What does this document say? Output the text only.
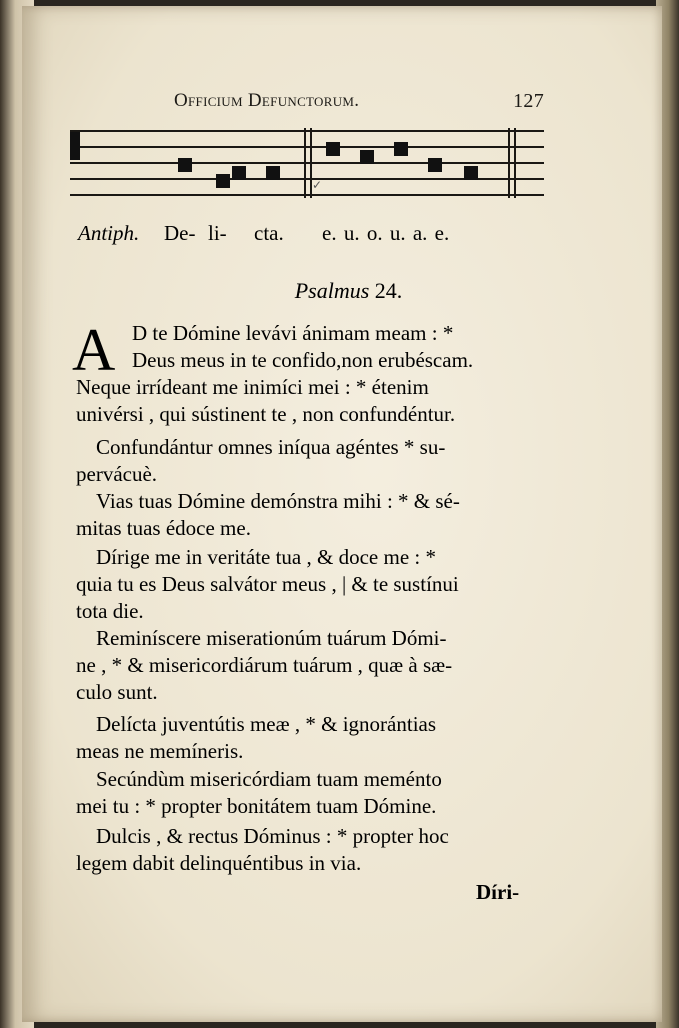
Officium Defunctorum.	127
✓
Antiph. De- li- cta. e. u. o. u. a. e.
Psalmus 24.
A D te Dómine levávi ánimam meam : *
Deus meus in te confido,non erubéscam.
Neque irrídeant me inimíci mei : * étenim
univérsi , qui sústinent te , non confundéntur.
Confundántur omnes iníqua agéntes * su-
pervácuè.
Vias tuas Dómine demónstra mihi : * & sé-
mitas tuas édoce me.
Dírige me in veritáte tua , & doce me : *
quia tu es Deus salvátor meus , | & te sustínui
tota die.
Reminíscere miserationúm tuárum Dómi-
ne , * & misericordiárum tuárum , quæ à sæ-
culo sunt.
Delícta juventútis meæ , * & ignorántias
meas ne memíneris.
Secúndùm misericórdiam tuam meménto
mei tu : * propter bonitátem tuam Dómine.
Dulcis , & rectus Dóminus : * propter hoc
legem dabit delinquéntibus in via.
Díri-
